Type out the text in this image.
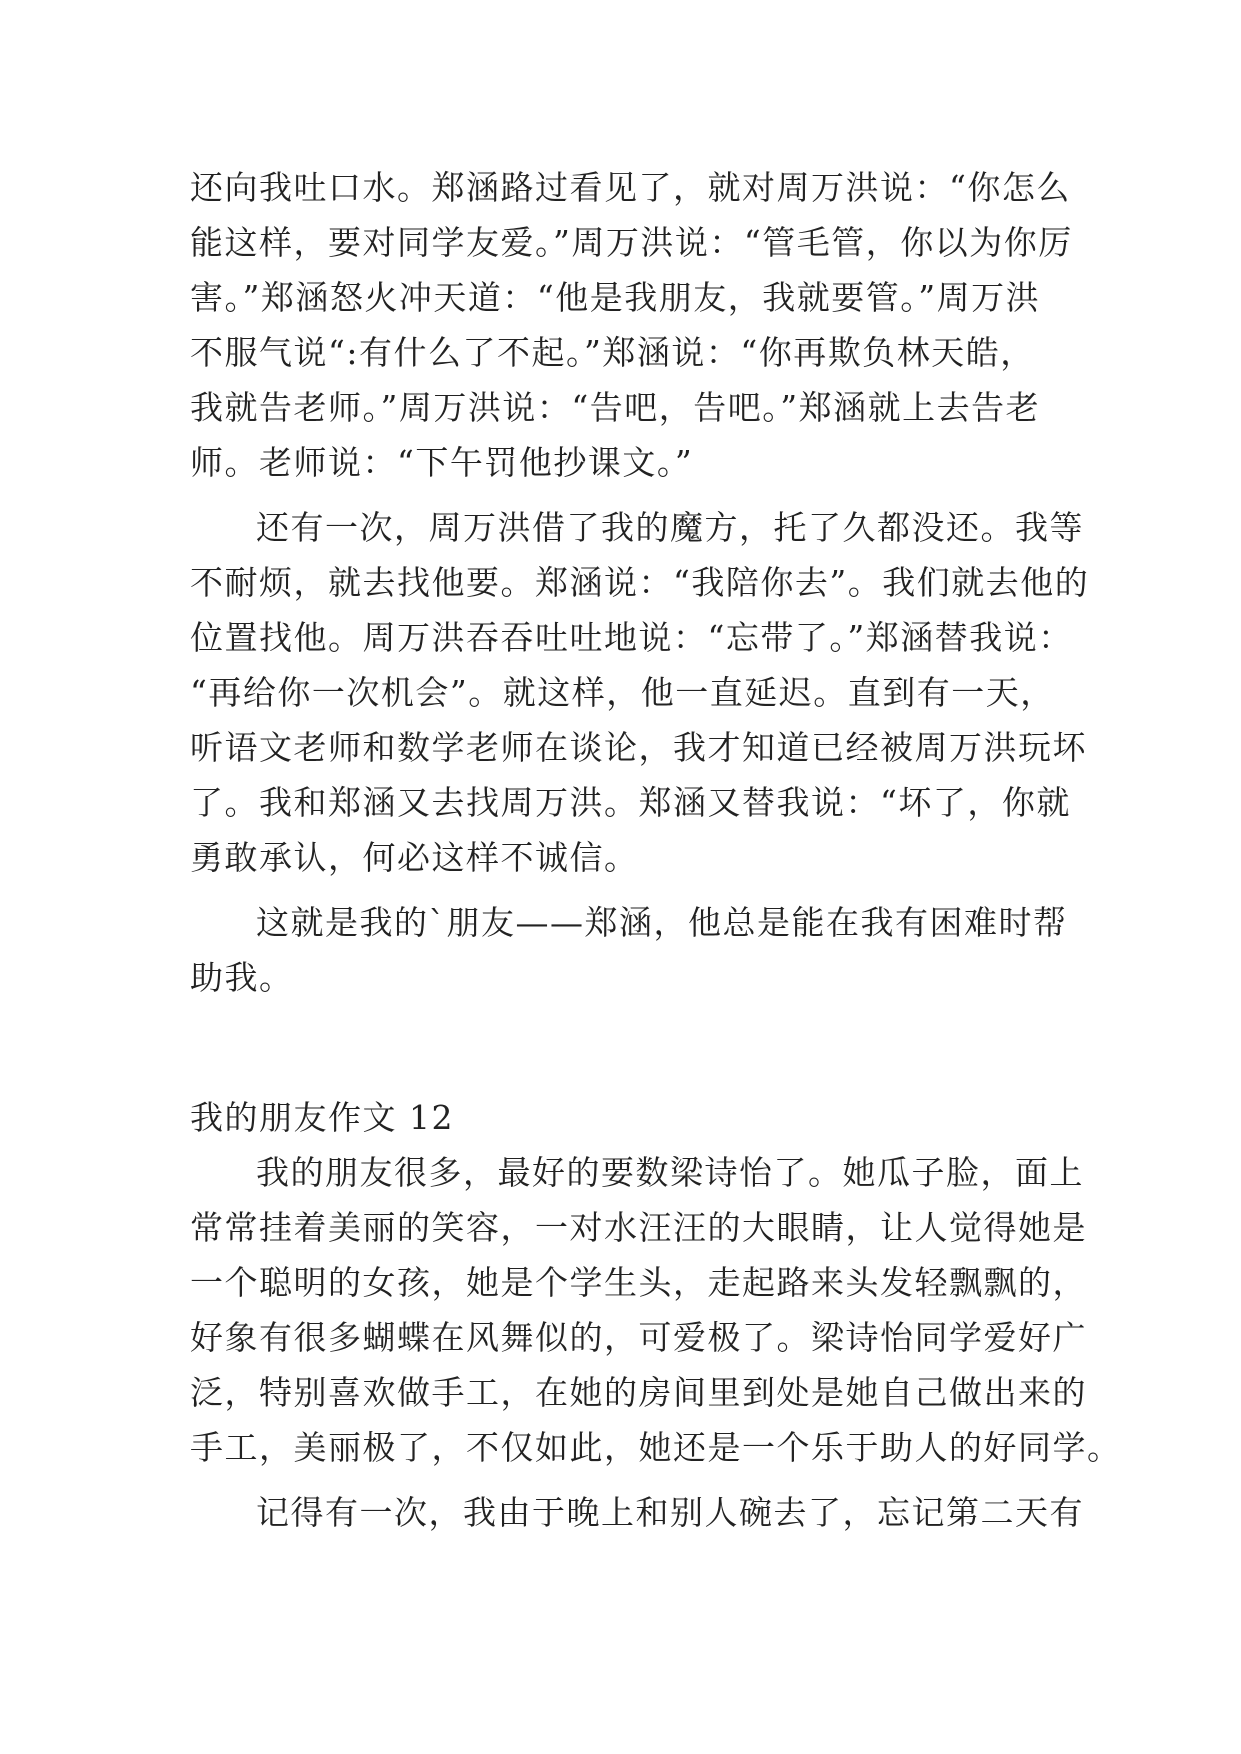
还向我吐口水。郑涵路过看见了，就对周万洪说：“你怎么
能这样，要对同学友爱。”周万洪说：“管毛管，你以为你厉
害。”郑涵怒火冲天道：“他是我朋友，我就要管。”周万洪
不服气说“:有什么了不起。”郑涵说：“你再欺负林天皓，
我就告老师。”周万洪说：“告吧，告吧。”郑涵就上去告老
师。老师说：“下午罚他抄课文。”
还有一次，周万洪借了我的魔方，托了久都没还。我等
不耐烦，就去找他要。郑涵说：“我陪你去”。我们就去他的
位置找他。周万洪吞吞吐吐地说：“忘带了。”郑涵替我说：
“再给你一次机会”。就这样，他一直延迟。直到有一天，
听语文老师和数学老师在谈论，我才知道已经被周万洪玩坏
了。我和郑涵又去找周万洪。郑涵又替我说：“坏了，你就
勇敢承认，何必这样不诚信。
这就是我的`朋友——郑涵，他总是能在我有困难时帮
助我。
我的朋友作文 12
我的朋友很多，最好的要数梁诗怡了。她瓜子脸，面上
常常挂着美丽的笑容，一对水汪汪的大眼睛，让人觉得她是
一个聪明的女孩，她是个学生头，走起路来头发轻飘飘的，
好象有很多蝴蝶在风舞似的，可爱极了。梁诗怡同学爱好广
泛，特别喜欢做手工，在她的房间里到处是她自己做出来的
手工，美丽极了，不仅如此，她还是一个乐于助人的好同学。
记得有一次，我由于晚上和别人碗去了，忘记第二天有
